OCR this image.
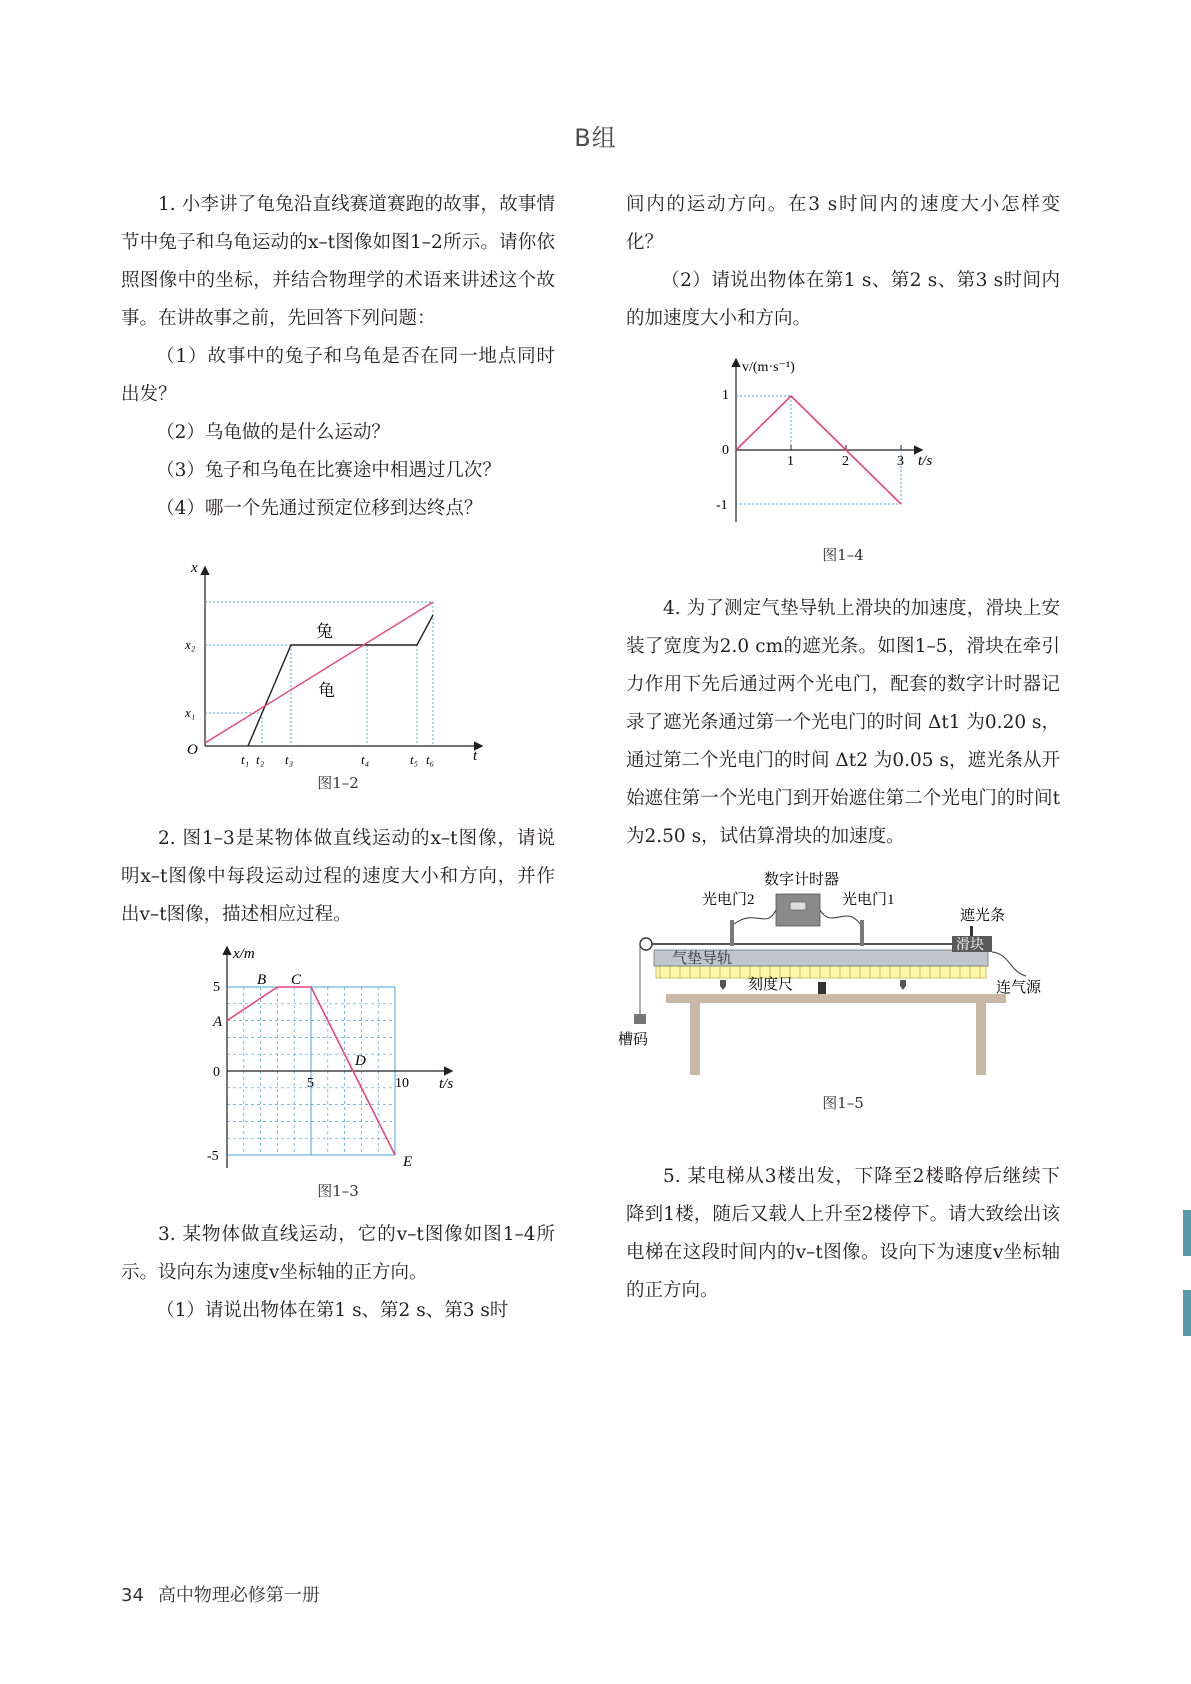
B组

1. 小李讲了龟兔沿直线赛道赛跑的故事，故事情节中兔子和乌龟运动的x–t图像如图1–2所示。请你依照图像中的坐标，并结合物理学的术语来讲述这个故事。在讲故事之前，先回答下列问题：

（1）故事中的兔子和乌龟是否在同一地点同时出发？

（2）乌龟做的是什么运动？

（3）兔子和乌龟在比赛途中相遇过几次？

（4）哪一个先通过预定位移到达终点？

x
t
O
x₂
x₁
t₁ t₂ t₃	t₄	t₅ t₆
兔
龟

图1–2

2. 图1–3是某物体做直线运动的x–t图像，请说明x–t图像中每段运动过程的速度大小和方向，并作出v–t图像，描述相应过程。

x/m
t/s
5
0
-5
5	10
A
B C
D
E

图1–3

3. 某物体做直线运动，它的v–t图像如图1–4所示。设向东为速度v坐标轴的正方向。

（1）请说出物体在第1 s、第2 s、第3 s时

间内的运动方向。在3 s时间内的速度大小怎样变化？

（2）请说出物体在第1 s、第2 s、第3 s时间内的加速度大小和方向。

v/(m·s⁻¹)
t/s
1
0
-1
1	2	3

图1–4

4. 为了测定气垫导轨上滑块的加速度，滑块上安装了宽度为2.0 cm的遮光条。如图1–5，滑块在牵引力作用下先后通过两个光电门，配套的数字计时器记录了遮光条通过第一个光电门的时间 Δt1 为0.20 s，通过第二个光电门的时间 Δt2 为0.05 s，遮光条从开始遮住第一个光电门到开始遮住第二个光电门的时间t为2.50 s，试估算滑块的加速度。

数字计时器
光电门2	光电门1
遮光条
气垫导轨
滑块
刻度尺	连气源
槽码

图1–5

5. 某电梯从3楼出发，下降至2楼略停后继续下降到1楼，随后又载人上升至2楼停下。请大致绘出该电梯在这段时间内的v–t图像。设向下为速度v坐标轴的正方向。

34 高中物理必修第一册
